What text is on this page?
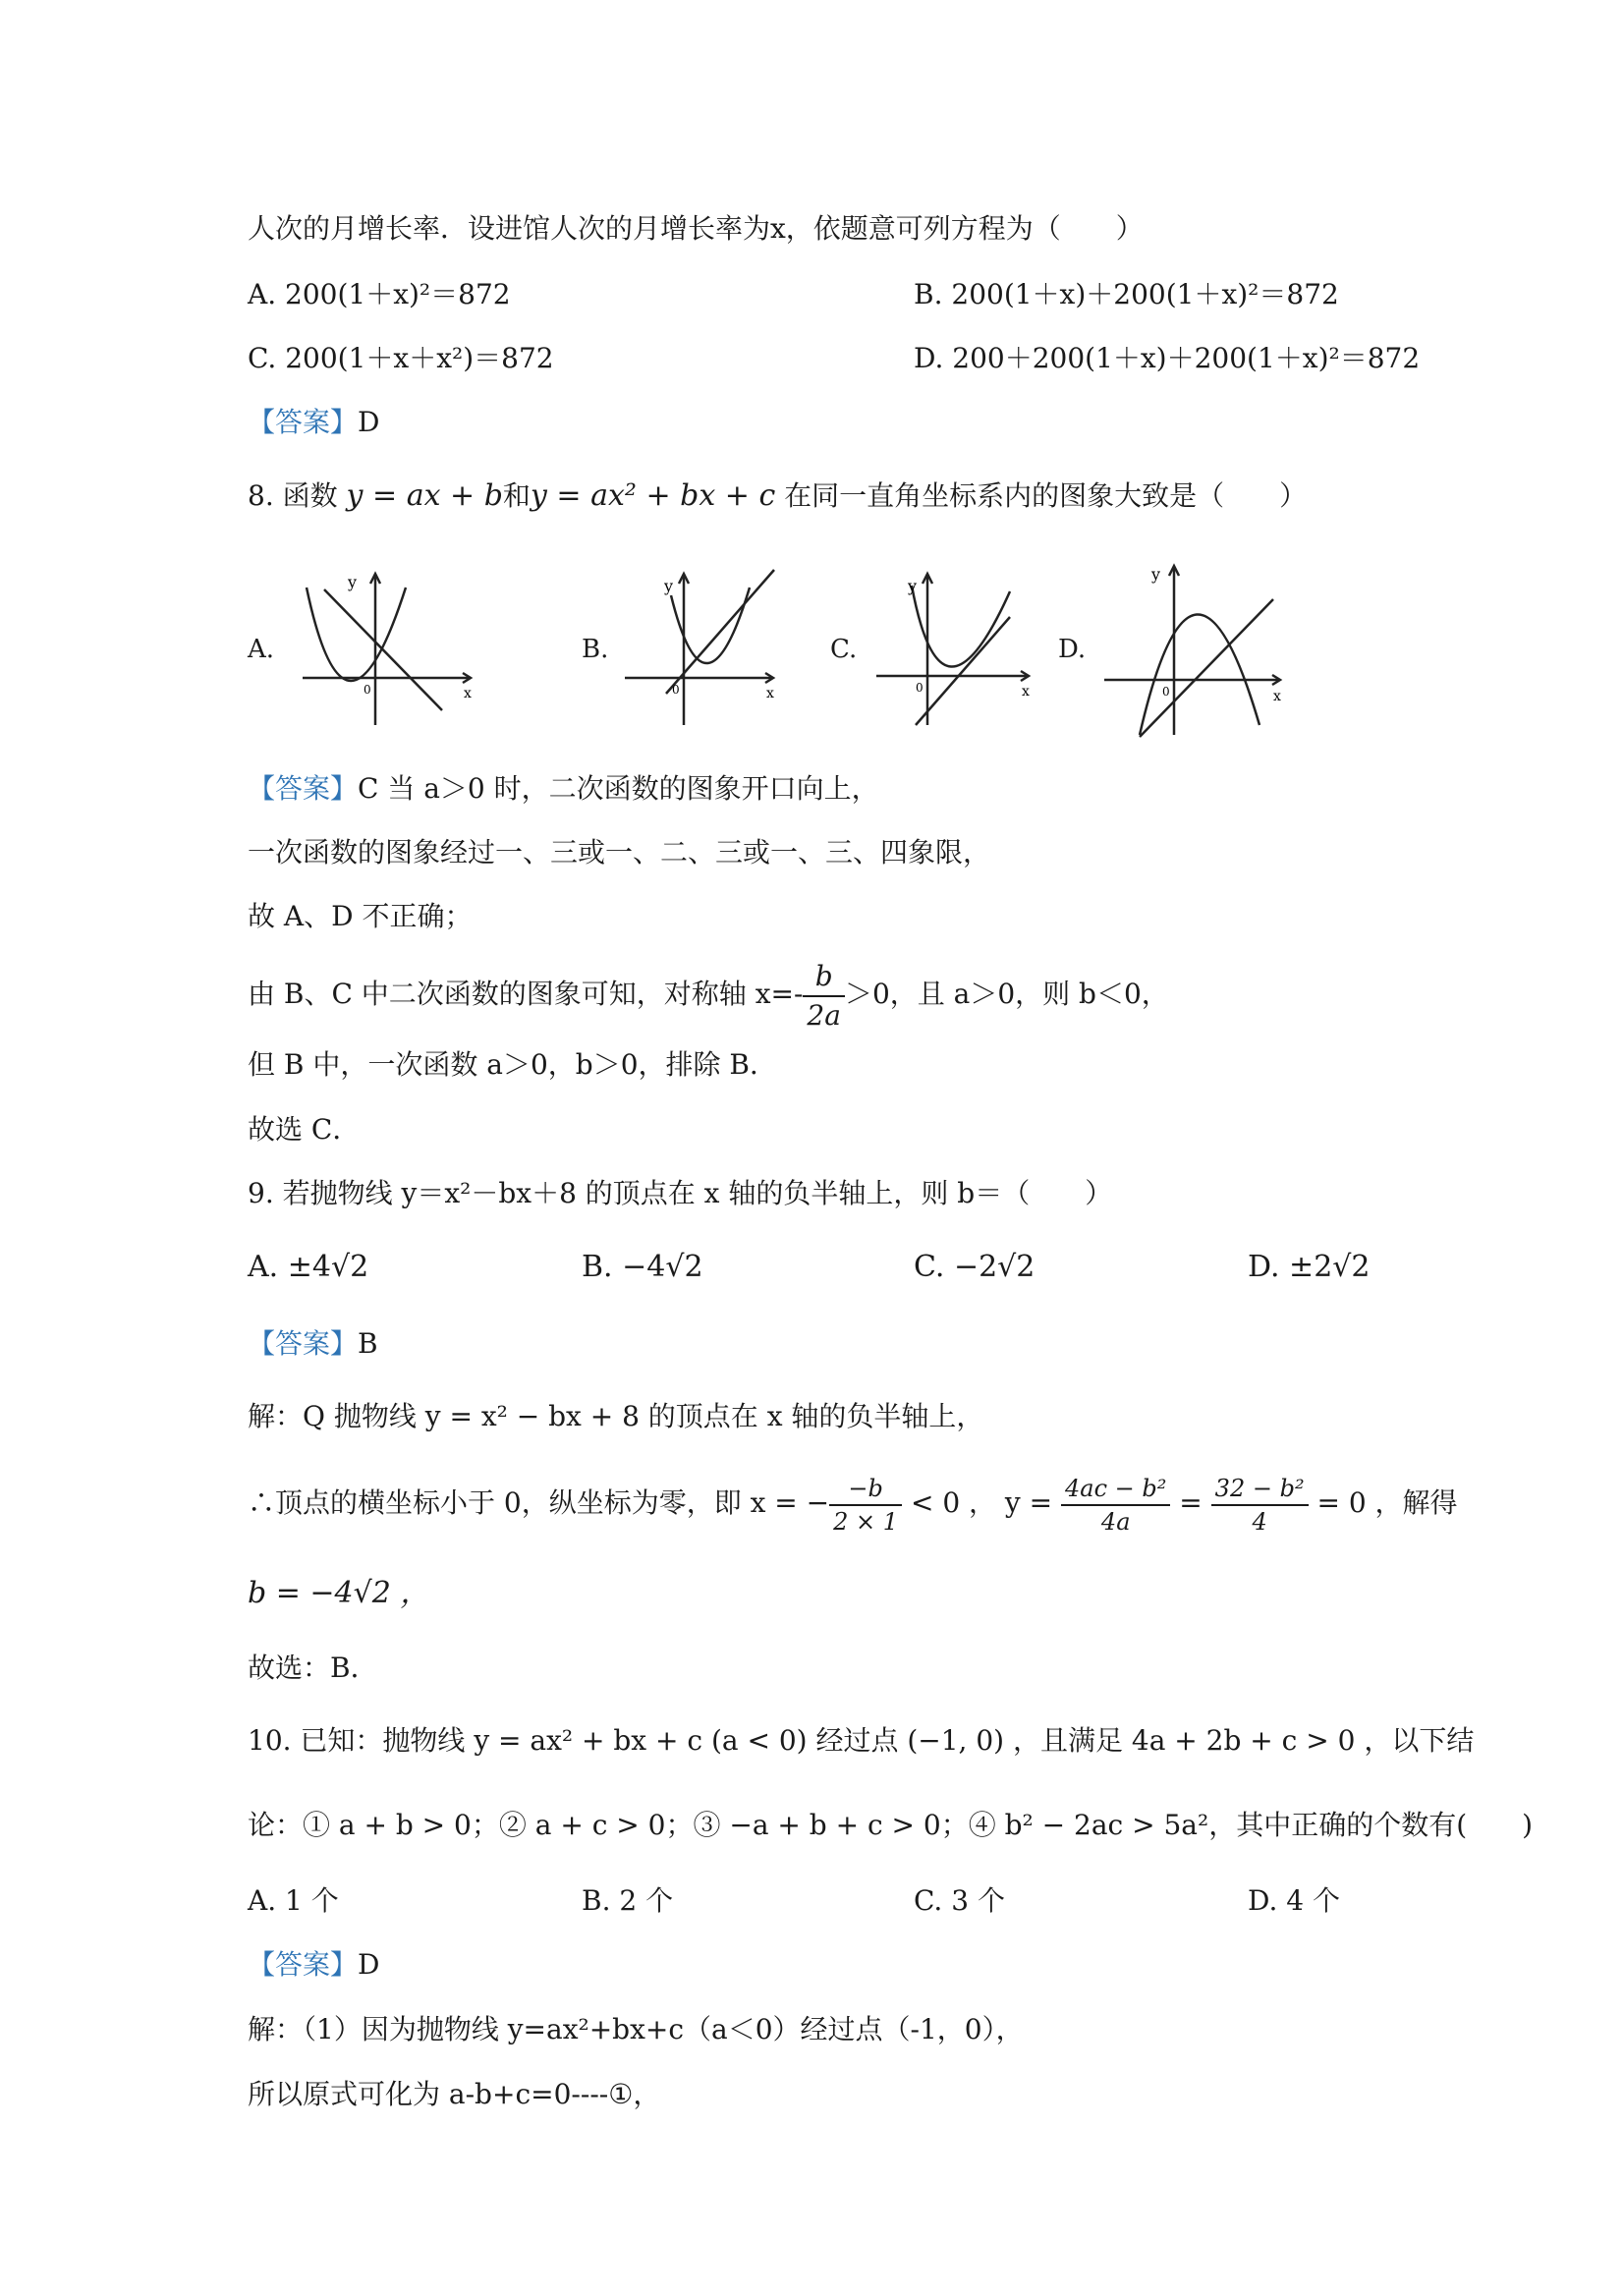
人次的月增长率．设进馆人次的月增长率为x，依题意可列方程为（　　）
A. 200(1＋x)²＝872	B. 200(1＋x)＋200(1＋x)²＝872
C. 200(1＋x＋x²)＝872	D. 200＋200(1＋x)＋200(1＋x)²＝872
【答案】D
8. 函数 y = ax + b和y = ax² + bx + c 在同一直角坐标系内的图象大致是（　　）
A.	B.	C.	D.
y
x
0
y
x
0
y
x
0
y
x
0
【答案】C 当 a＞0 时，二次函数的图象开口向上，
一次函数的图象经过一、三或一、二、三或一、三、四象限，
故 A、D 不正确；
由 B、C 中二次函数的图象可知，对称轴 $x=- \frac{b}{2a} >0$，且 a＞0，则 b＜0，
但 B 中，一次函数 a＞0，b＞0，排除 B．
故选 C．
9. 若抛物线 y＝x²－bx＋8 的顶点在 x 轴的负半轴上，则 b＝（　　）
A. ±4√2	B. −4√2	C. −2√2	D. ±2√2
【答案】B
解：Q 抛物线 y = x² − bx + 8 的顶点在 x 轴的负半轴上，
∴顶点的横坐标小于 0，纵坐标为零，即 x = − $\frac{-b}{2 \times 1} < 0$ ， $y = \frac{\text{4ac − b²}}{4a} = \frac{\text{32 − b²}}{4} = 0$ ，解得
b = −4√2 ，
故选：B．
10. 已知：抛物线 y = ax² + bx + c (a < 0) 经过点 (−1, 0) ，且满足 4a + 2b + c > 0 ，以下结
论：① a + b > 0；② a + c > 0；③ −a + b + c > 0；④ b² − 2ac > 5a²，其中正确的个数有(　　)
A. 1 个	B. 2 个	C. 3 个	D. 4 个
【答案】D
解：（1）因为抛物线 y=ax²+bx+c（a＜0）经过点（-1，0），
所以原式可化为 a-b+c=0----①，
